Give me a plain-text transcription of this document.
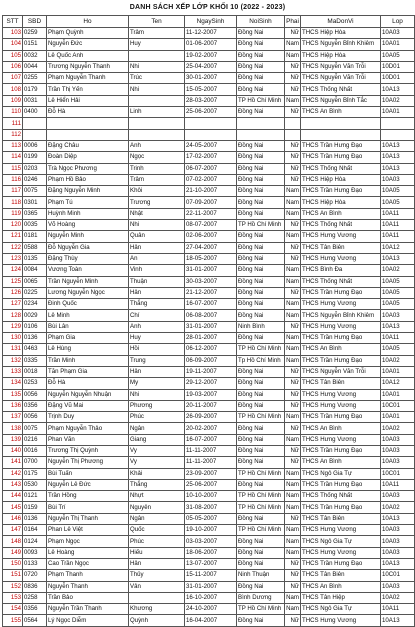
DANH SÁCH XẾP LỚP KHỐI 10 (2022 - 2023)
STT	SBD	Ho	Ten	NgaySinh	NoiSinh	Phai	MaDonVi	Lop
103	0259	Phạm Quỳnh	Trâm	11-12-2007	Đồng Nai	Nữ	THCS Hiệp Hòa	10A03
104	0151	Nguyễn Đức	Huy	01-06-2007	Đồng Nai	Nam	THCS Nguyễn Bỉnh Khiêm	10A01
105	0032	Lê Quốc Anh		19-02-2007	Đồng Nai	Nam	THCS Hiệp Hòa	10A05
106	0044	Trương Nguyễn Thanh	Nhi	25-04-2007	Đồng Nai	Nữ	THCS Nguyễn Văn Trỗi	10D01
107	0255	Phạm Nguyễn Thanh	Trúc	30-01-2007	Đồng Nai	Nữ	THCS Nguyễn Văn Trỗi	10D01
108	0179	Trần Thị Yến	Nhi	15-05-2007	Đồng Nai	Nữ	THCS Thống Nhất	10A13
109	0031	Lê Hiển Hải		28-03-2007	TP Hồ Chí Minh	Nam	THCS Nguyễn Bỉnh Tắc	10A02
110	0400	Đỗ Hà	Linh	25-06-2007	Đồng Nai	Nữ	THCS An Bình	10A01
111								
112								
113	0006	Đặng Châu	Anh	24-05-2007	Đồng Nai	Nữ	THCS Trần Hưng Đạo	10A13
114	0199	Đoàn Diệp	Ngọc	17-02-2007	Đồng Nai	Nữ	THCS Trần Hưng Đạo	10A13
115	0203	Trà Ngọc Phương	Trinh	06-07-2007	Đồng Nai	Nữ	THCS Thống Nhất	10A13
116	0246	Phạm Hồ Bảo	Trâm	07-02-2007	Đồng Nai	Nữ	THCS Hiệp Hòa	10A03
117	0075	Đặng Nguyễn Minh	Khôi	21-10-2007	Đồng Nai	Nam	THCS Trần Hưng Đạo	10A05
118	0301	Phạm Tú	Trương	07-09-2007	Đồng Nai	Nam	THCS Hiệp Hòa	10A05
119	0365	Huỳnh Minh	Nhật	22-11-2007	Đồng Nai	Nam	THCS An Bình	10A11
120	0035	Võ Hoàng	Nhi	08-07-2007	TP Hồ Chí Minh	Nữ	THCS Thống Nhất	10A11
121	0181	Nguyễn Minh	Quân	02-06-2007	Đồng Nai	Nam	THCS Hưng Vương	10A11
122	0588	Đỗ Nguyễn Gia	Hân	27-04-2007	Đồng Nai	Nữ	THCS Tân Biên	10A12
123	0135	Đặng Thùy	An	18-05-2007	Đồng Nai	Nữ	THCS Hưng Vương	10A13
124	0084	Vương Toàn	Vinh	31-01-2007	Đồng Nai	Nam	THCS Bình Đa	10A02
125	0065	Trần Nguyễn Minh	Thuận	30-03-2007	Đồng Nai	Nam	THCS Thống Nhất	10A05
126	0225	Lương Nguyễn Ngọc	Hân	21-12-2007	Đồng Nai	Nữ	THCS Trần Hưng Đạo	10A05
127	0234	Đinh Quốc	Thắng	16-07-2007	Đồng Nai	Nam	THCS Hưng Vương	10A05
128	0029	Lê Minh	Chí	06-08-2007	Đồng Nai	Nam	THCS Nguyễn Bỉnh Khiêm	10A03
129	0106	Bùi Lân	Anh	31-01-2007	Ninh Bình	Nữ	THCS Hưng Vương	10A13
130	0136	Phạm Gia	Huy	28-01-2007	Đồng Nai	Nam	THCS Trần Hưng Đạo	10A11
131	0463	Lê Hùng	Hồi	06-12-2007	TP Hồ Chí Minh	Nam	THCS An Bình	10A05
132	0335	Trần Minh	Trung	06-09-2007	Tp Hồ Chí Minh	Nam	THCS Trần Hưng Đạo	10A02
133	0018	Tăn Phạm Gia	Hân	19-11-2007	Đồng Nai	Nữ	THCS Nguyễn Văn Trỗi	10A01
134	0253	Đỗ Hà	My	29-12-2007	Đồng Nai	Nữ	THCS Tân Biên	10A12
135	0056	Nguyễn Nguyễn Nhuận	Nhi	19-03-2007	Đồng Nai	Nữ	THCS Hưng Vương	10A01
136	0356	Đặng Vũ Mai	Phương	20-11-2007	Đồng Nai	Nữ	THCS Hưng Vương	10C01
137	0056	Trịnh Duy	Phúc	26-09-2007	TP Hồ Chí Minh	Nam	THCS Trần Hưng Đạo	10A01
138	0075	Phạm Nguyễn Thảo	Ngân	20-02-2007	Đồng Nai	Nữ	THCS An Bình	10A02
139	0216	Phan Văn	Giang	16-07-2007	Đồng Nai	Nam	THCS Hưng Vương	10A03
140	0016	Trương Thị Quỳnh	Vy	11-11-2007	Đồng Nai	Nữ	THCS Trần Hưng Đạo	10A03
141	0700	Nguyễn Thị Phương	Vy	11-11-2007	Đồng Nai	Nữ	THCS An Bình	10A03
142	0175	Bùi Tuấn	Khải	23-09-2007	TP Hồ Chí Minh	Nam	THCS Ngô Gia Tự	10C01
143	0530	Nguyễn Lê Đức	Thắng	25-06-2007	Đồng Nai	Nam	THCS Trần Hưng Đạo	10A11
144	0121	Trần Hồng	Nhựt	10-10-2007	TP Hồ Chí Minh	Nam	THCS Thống Nhất	10A03
145	0159	Bùi Trí	Nguyên	31-08-2007	TP Hồ Chí Minh	Nam	THCS Trần Hưng Đạo	10A02
146	0136	Nguyễn Thị Thanh	Ngân	05-05-2007	Đồng Nai	Nữ	THCS Tân Biên	10A13
147	0164	Phan Lê Việt	Quốc	19-10-2007	TP Hồ Chí Minh	Nam	THCS Hưng Vương	10A03
148	0124	Phạm Ngọc	Phúc	03-03-2007	Đồng Nai	Nam	THCS Ngô Gia Tự	10A03
149	0093	Lê Hoàng	Hiếu	18-06-2007	Đồng Nai	Nam	THCS Hưng Vương	10A03
150	0133	Cao Trần Ngọc	Hân	13-07-2007	Đồng Nai	Nữ	THCS Trần Hưng Đạo	10A13
151	0720	Phạm Thanh	Thủy	15-11-2007	Ninh Thuận	Nữ	THCS Tân Biên	10C01
152	0836	Nguyễn Thanh	Vân	31-01-2007	Đồng Nai	Nữ	THCS An Bình	10A03
153	0258	Trần Bảo		16-10-2007	Bình Dương	Nam	THCS Tân Hiệp	10A02
154	0356	Nguyễn Trần Thanh	Khương	24-10-2007	TP Hồ Chí Minh	Nam	THCS Ngô Gia Tự	10A11
155	0564	Lý Ngọc Diễm	Quỳnh	16-04-2007	Đồng Nai	Nữ	THCS Hưng Vương	10A13
